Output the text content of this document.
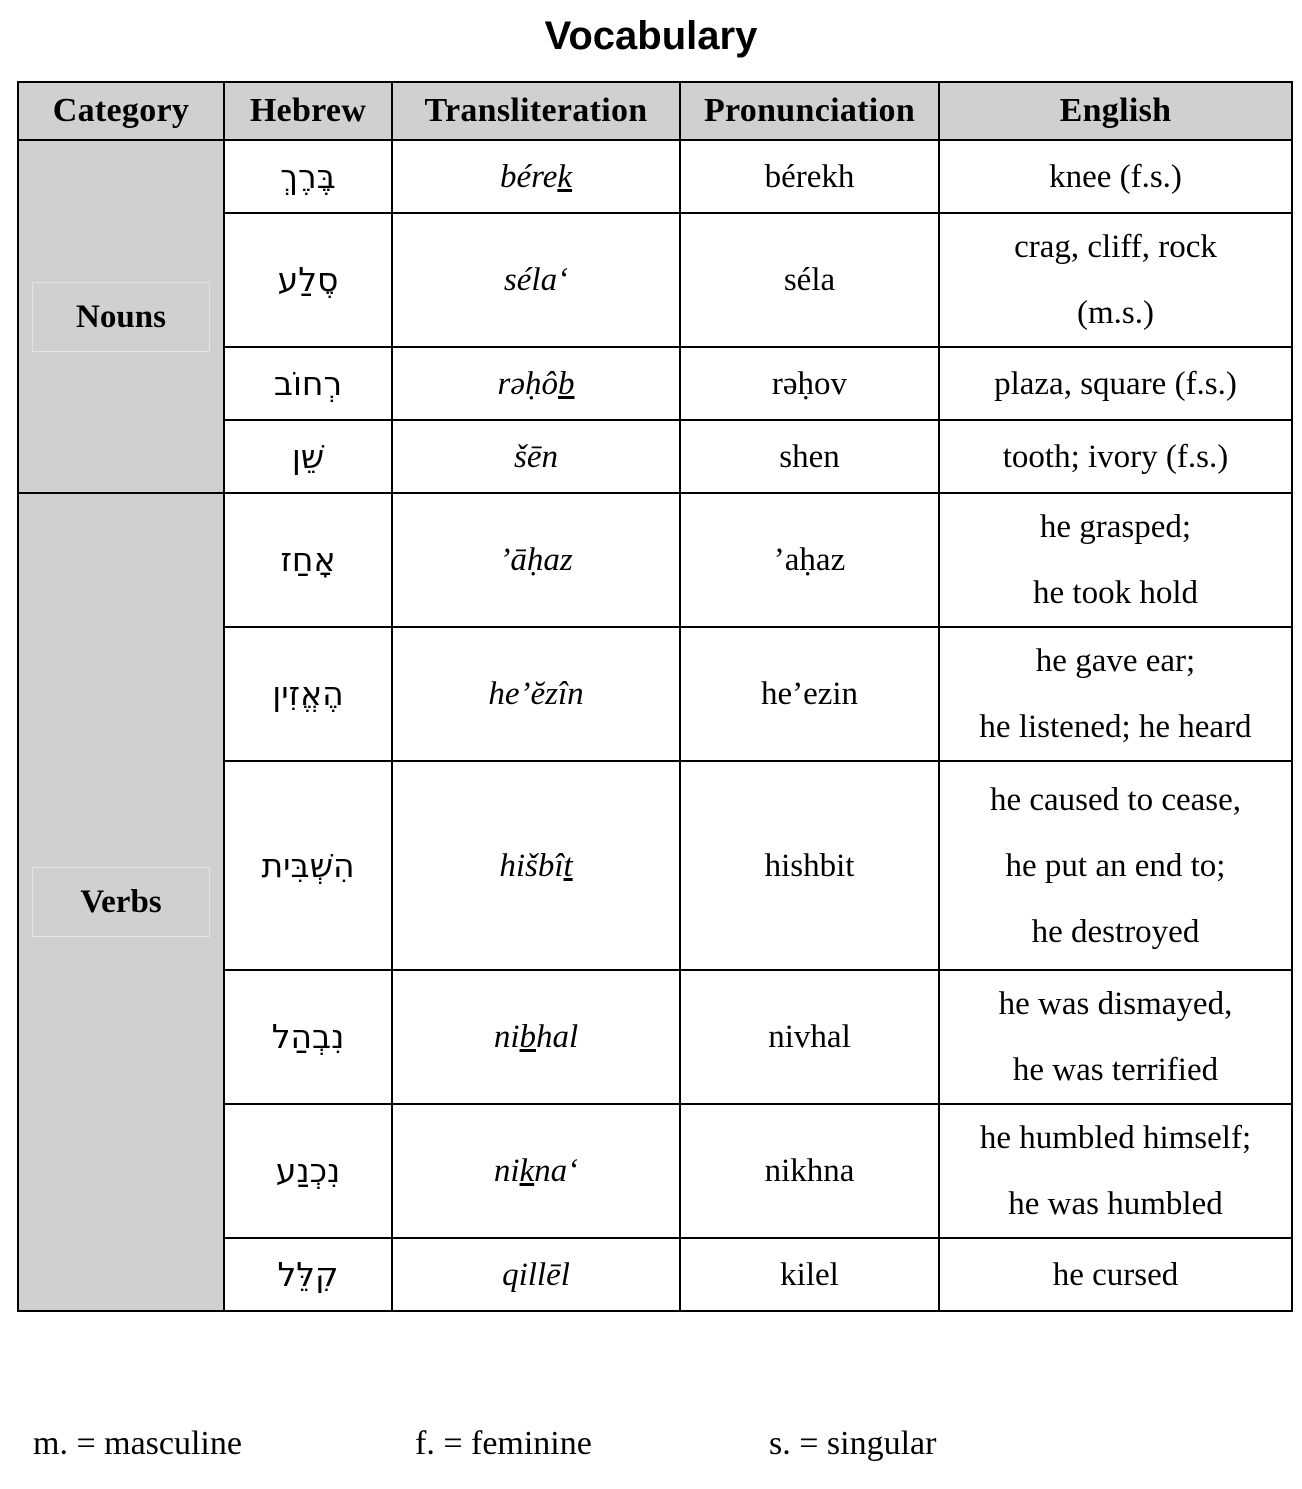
Vocabulary
Category	Hebrew	Transliteration	Pronunciation	English
Nouns	בֶּרֶךְ	bérek	bérekh	knee (f.s.)
	סֶלַע	séla‘	séla	crag, cliff, rock
(m.s.)
	רְחוֹב	rəḥôb	rəḥov	plaza, square (f.s.)
	שֵׁן	šēn	shen	tooth; ivory (f.s.)
Verbs	אָחַז	’āḥaz	’aḥaz	he grasped;
he took hold
	הֶאֱזִין	he’ĕzîn	he’ezin	he gave ear;
he listened; he heard
	הִשְׁבִּית	hišbît	hishbit	he caused to cease,
he put an end to;
he destroyed
	נִבְהַל	nibhal	nivhal	he was dismayed,
he was terrified
	נִכְנַע	nikna‘	nikhna	he humbled himself;
he was humbled
	קִלֵּל	qillēl	kilel	he cursed
m. = masculine	f. = feminine	s. = singular
